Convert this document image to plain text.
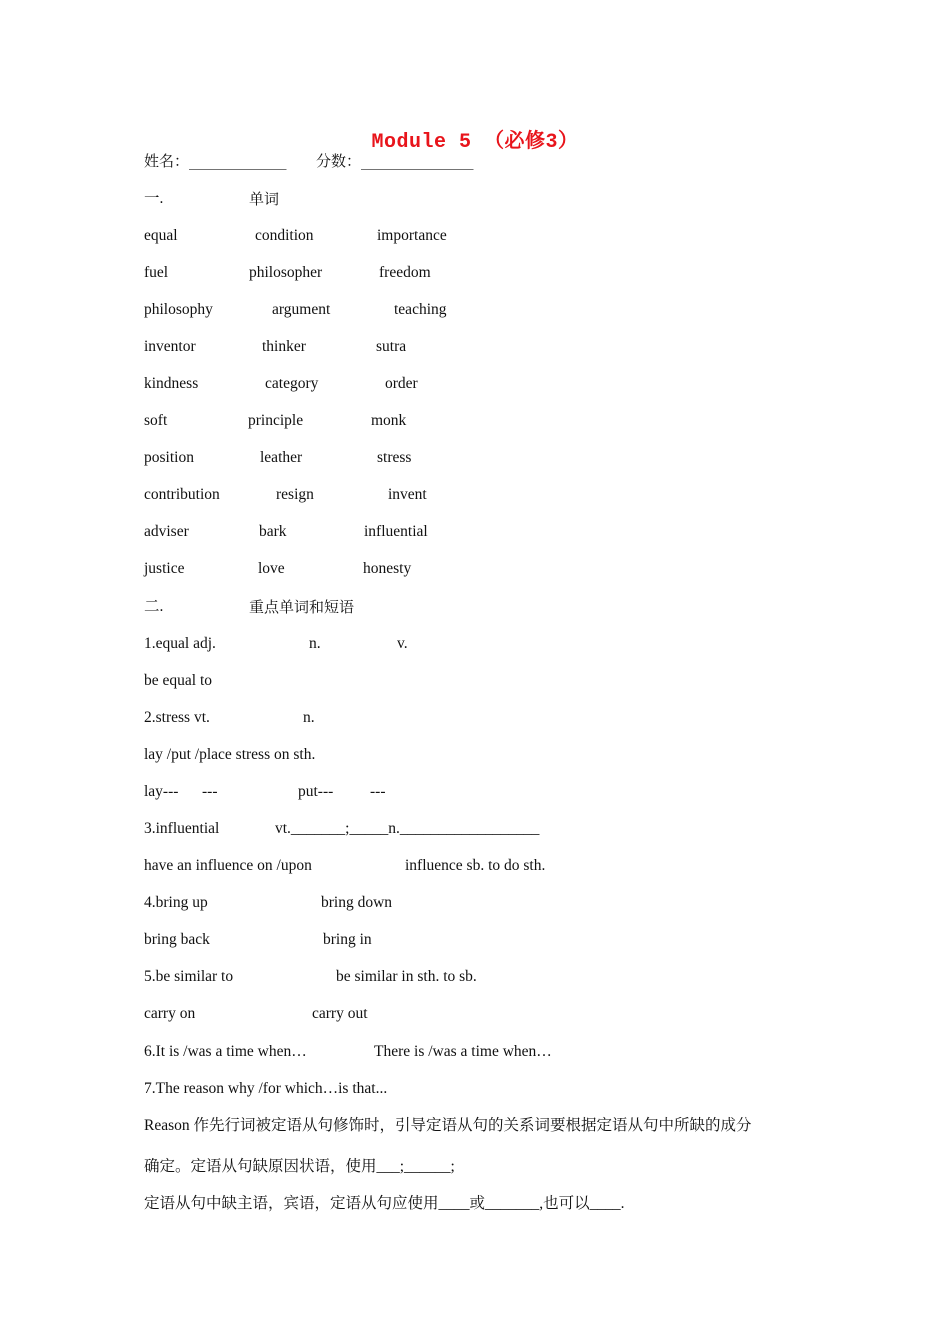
Module 5 （必修3）
姓名：_____________ 分数：_______________
一.	单词
equal	condition	importance
fuel	philosopher	freedom
philosophy	argument	teaching
inventor	thinker	sutra
kindness	category	order
soft	principle	monk
position	leather	stress
contribution	resign	invent
adviser	bark	influential
justice	love	honesty
二.	重点单词和短语
1.equal adj.	n.	v.
be equal to
2.stress vt.	n.
lay /put /place stress on sth.
lay--- ---	put--- ---
3.influential	vt._______;_____n.__________________
have an influence on /upon	influence sb. to do sth.
4.bring up	bring down
bring back	bring in
5.be similar to	be similar in sth. to sb.
carry on	carry out
6.It is /was a time when…	There is /was a time when…
7.The reason why /for which…is that...
Reason 作先行词被定语从句修饰时，引导定语从句的关系词要根据定语从句中所缺的成分
确定。定语从句缺原因状语，使用___;______;
定语从句中缺主语，宾语，定语从句应使用____或_______,也可以____.
